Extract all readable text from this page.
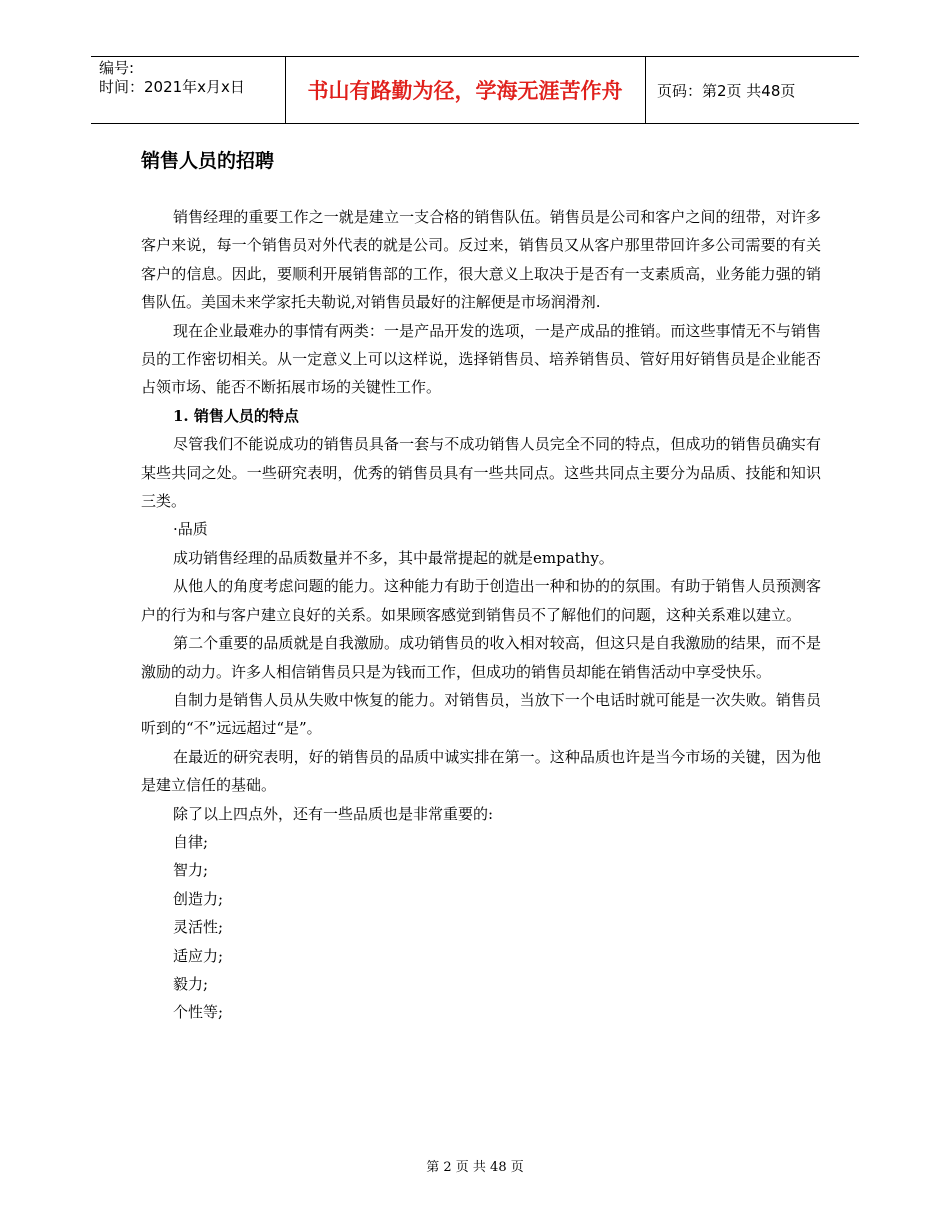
编号:
时间：2021年x月x日	书山有路勤为径，学海无涯苦作舟	页码：第2页 共48页
销售人员的招聘

销售经理的重要工作之一就是建立一支合格的销售队伍。销售员是公司和客户之间的纽带，对许多客户来说，每一个销售员对外代表的就是公司。反过来，销售员又从客户那里带回许多公司需要的有关客户的信息。因此，要顺利开展销售部的工作，很大意义上取决于是否有一支素质高，业务能力强的销售队伍。美国未来学家托夫勒说,对销售员最好的注解便是市场润滑剂.

现在企业最难办的事情有两类：一是产品开发的选项，一是产成品的推销。而这些事情无不与销售员的工作密切相关。从一定意义上可以这样说，选择销售员、培养销售员、管好用好销售员是企业能否占领市场、能否不断拓展市场的关键性工作。

1. 销售人员的特点

尽管我们不能说成功的销售员具备一套与不成功销售人员完全不同的特点，但成功的销售员确实有某些共同之处。一些研究表明，优秀的销售员具有一些共同点。这些共同点主要分为品质、技能和知识三类。

·品质

成功销售经理的品质数量并不多，其中最常提起的就是empathy。

从他人的角度考虑问题的能力。这种能力有助于创造出一种和协的的氛围。有助于销售人员预测客户的行为和与客户建立良好的关系。如果顾客感觉到销售员不了解他们的问题，这种关系难以建立。

第二个重要的品质就是自我激励。成功销售员的收入相对较高，但这只是自我激励的结果，而不是激励的动力。许多人相信销售员只是为钱而工作，但成功的销售员却能在销售活动中享受快乐。

自制力是销售人员从失败中恢复的能力。对销售员，当放下一个电话时就可能是一次失败。销售员听到的“不”远远超过“是”。

在最近的研究表明，好的销售员的品质中诚实排在第一。这种品质也许是当今市场的关键，因为他是建立信任的基础。

除了以上四点外，还有一些品质也是非常重要的:

自律;

智力;

创造力;

灵活性;

适应力;

毅力;

个性等;

第 2 页 共 48 页
